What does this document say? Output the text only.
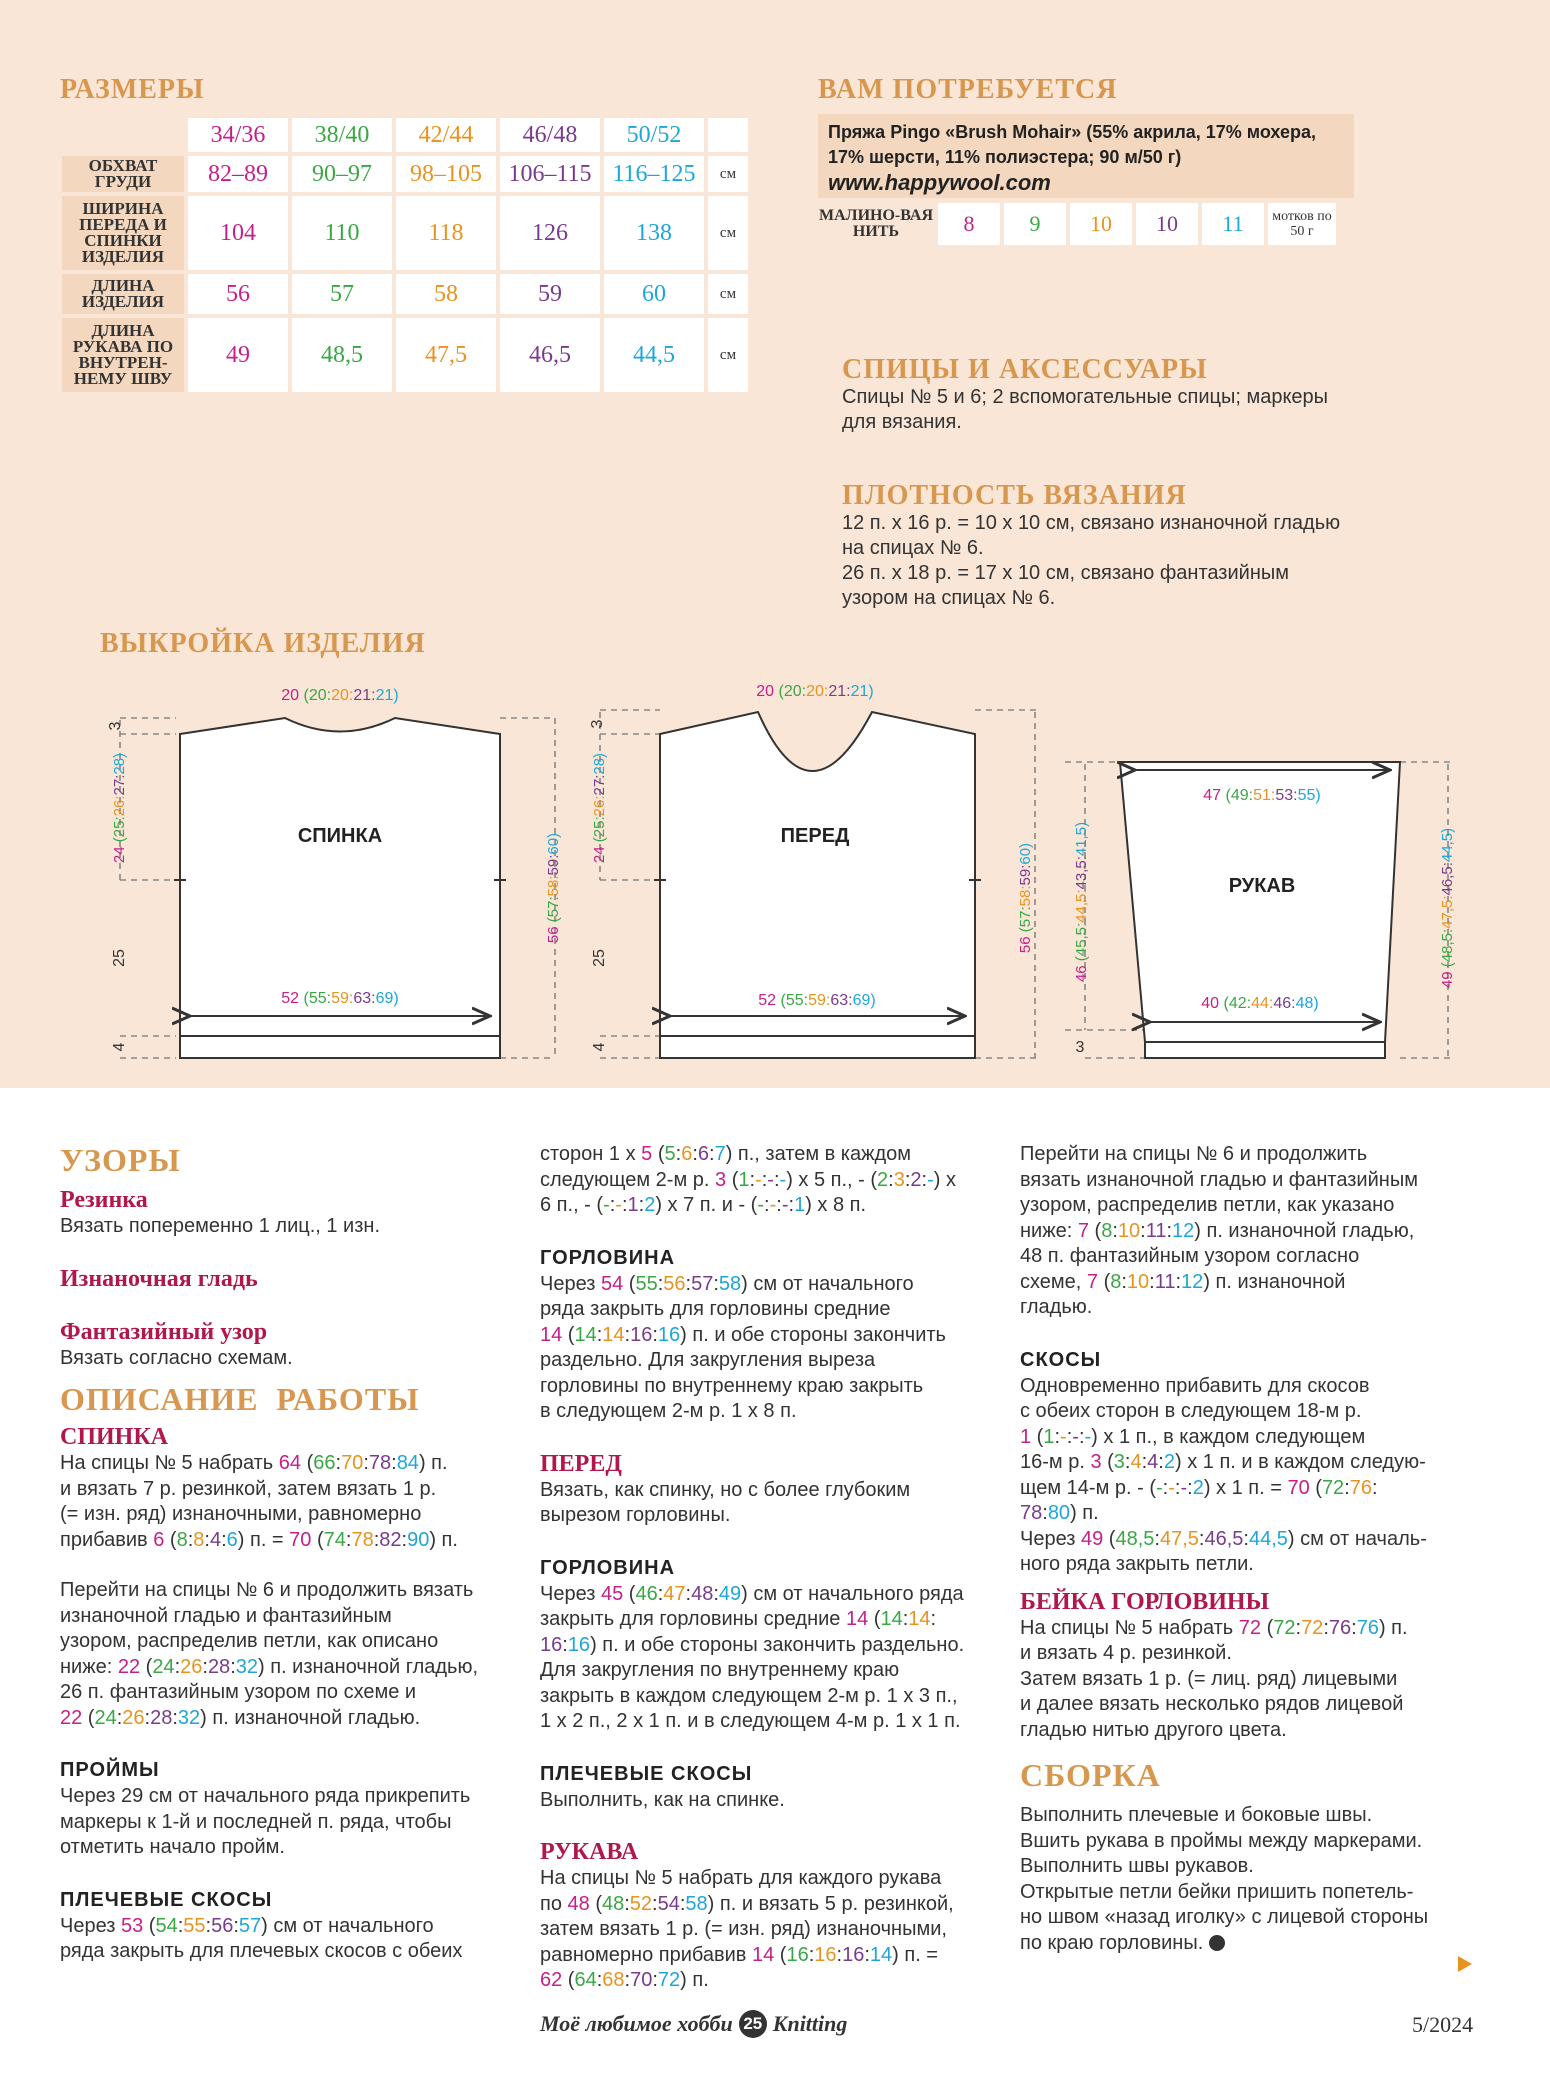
РАЗМЕРЫ
	34/36	38/40	42/44	46/48	50/52	
ОБХВАТ ГРУДИ	82–89	90–97	98–105	106–115	116–125	см
ШИРИНА ПЕРЕДА И СПИНКИ ИЗДЕЛИЯ	104	110	118	126	138	см
ДЛИНА ИЗДЕЛИЯ	56	57	58	59	60	см
ДЛИНА РУКАВА ПО ВНУТРЕН-НЕМУ ШВУ	49	48,5	47,5	46,5	44,5	см
ВАМ ПОТРЕБУЕТСЯ
Пряжа Pingo «Brush Mohair» (55% акрила, 17% мохера,
17% шерсти, 11% полиэстера; 90 м/50 г)
www.happywool.com
МАЛИНО-ВАЯ НИТЬ	8	9	10	10	11	мотков по 50 г
СПИЦЫ И АКСЕССУАРЫ
Спицы № 5 и 6; 2 вспомогательные спицы; маркеры
для вязания.
ПЛОТНОСТЬ ВЯЗАНИЯ
12 п. х 16 р. = 10 х 10 см, связано изнаночной гладью
на спицах № 6.
26 п. х 18 р. = 17 х 10 см, связано фантазийным
узором на спицах № 6.
ВЫКРОЙКА ИЗДЕЛИЯ
СПИНКА	ПЕРЕД
РУКАВ
20 (20:20:21:21)	20 (20:20:21:21)
52 (55:59:63:69)	52 (55:59:63:69)
47 (49:51:53:55)
40 (42:44:46:48)
24 (25:26:27:28)
24 (25:26:27:28)
56 (57:58:59:60)
56 (57:58:59:60)
46 (45,5:44,5:43,5:41,5)
49 (48,5:47,5:46,5:44,5)
3
25
4
3
25
4	3
УЗОРЫ
Резинка

Вязать попеременно 1 лиц., 1 изн.

Изнаночная гладь
Фантазийный узор

Вязать согласно схемам.

ОПИСАНИЕ  РАБОТЫ
СПИНКА

На спицы № 5 набрать 64 (66:70:78:84) п.
и вязать 7 р. резинкой, затем вязать 1 р.
(= изн. ряд) изнаночными, равномерно
прибавив 6 (8:8:4:6) п. = 70 (74:78:82:90) п.

Перейти на спицы № 6 и продолжить вязать
изнаночной гладью и фантазийным
узором, распределив петли, как описано
ниже: 22 (24:26:28:32) п. изнаночной гладью,
26 п. фантазийным узором по схеме и
22 (24:26:28:32) п. изнаночной гладью.

ПРОЙМЫ

Через 29 см от начального ряда прикрепить
маркеры к 1-й и последней п. ряда, чтобы
отметить начало пройм.

ПЛЕЧЕВЫЕ СКОСЫ

Через 53 (54:55:56:57) см от начального
ряда закрыть для плечевых скосов с обеих

сторон 1 х 5 (5:6:6:7) п., затем в каждом
следующем 2-м р. 3 (1:-:-:-) х 5 п., - (2:3:2:-) х
6 п., - (-:-:1:2) х 7 п. и - (-:-:-:1) х 8 п.

ГОРЛОВИНА

Через 54 (55:56:57:58) см от начального
ряда закрыть для горловины средние
14 (14:14:16:16) п. и обе стороны закончить
раздельно. Для закругления выреза
горловины по внутреннему краю закрыть
в следующем 2-м р. 1 х 8 п.

ПЕРЕД

Вязать, как спинку, но с более глубоким
вырезом горловины.

ГОРЛОВИНА

Через 45 (46:47:48:49) см от начального ряда
закрыть для горловины средние 14 (14:14:
16:16) п. и обе стороны закончить раздельно.
Для закругления по внутреннему краю
закрыть в каждом следующем 2-м р. 1 х 3 п.,
1 х 2 п., 2 х 1 п. и в следующем 4-м р. 1 х 1 п.

ПЛЕЧЕВЫЕ СКОСЫ

Выполнить, как на спинке.

РУКАВА

На спицы № 5 набрать для каждого рукава
по 48 (48:52:54:58) п. и вязать 5 р. резинкой,
затем вязать 1 р. (= изн. ряд) изнаночными,
равномерно прибавив 14 (16:16:16:14) п. =
62 (64:68:70:72) п.

Перейти на спицы № 6 и продолжить
вязать изнаночной гладью и фантазийным
узором, распределив петли, как указано
ниже: 7 (8:10:11:12) п. изнаночной гладью,
48 п. фантазийным узором согласно
схеме, 7 (8:10:11:12) п. изнаночной
гладью.

СКОСЫ

Одновременно прибавить для скосов
с обеих сторон в следующем 18-м р.
1 (1:-:-:-) х 1 п., в каждом следующем
16-м р. 3 (3:4:4:2) х 1 п. и в каждом следую-
щем 14-м р. - (-:-:-:2) х 1 п. = 70 (72:76:
78:80) п.
Через 49 (48,5:47,5:46,5:44,5) см от началь-
ного ряда закрыть петли.

БЕЙКА ГОРЛОВИНЫ

На спицы № 5 набрать 72 (72:72:76:76) п.
и вязать 4 р. резинкой.
Затем вязать 1 р. (= лиц. ряд) лицевыми
и далее вязать несколько рядов лицевой
гладью нитью другого цвета.

СБОРКА

Выполнить плечевые и боковые швы.
Вшить рукава в проймы между маркерами.
Выполнить швы рукавов.
Открытые петли бейки пришить попетель-
но швом «назад иголку» с лицевой стороны
по краю горловины.

Моё любимое хобби 25 Knitting	5/2024
